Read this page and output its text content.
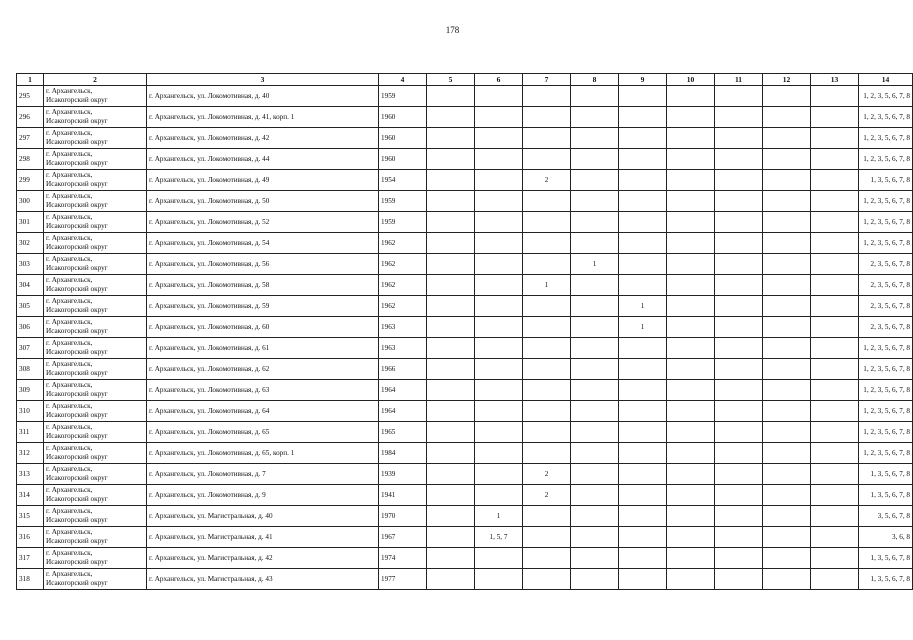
178
1	2	3	4	5	6	7	8	9	10	11	12	13	14
295	г. Архангельск,
Исакогорский округ	г. Архангельск, ул. Локомотивная, д. 40	1959										1, 2, 3, 5, 6, 7, 8
296	г. Архангельск,
Исакогорский округ	г. Архангельск, ул. Локомотивная, д. 41, корп. 1	1960										1, 2, 3, 5, 6, 7, 8
297	г. Архангельск,
Исакогорский округ	г. Архангельск, ул. Локомотивная, д. 42	1960										1, 2, 3, 5, 6, 7, 8
298	г. Архангельск,
Исакогорский округ	г. Архангельск, ул. Локомотивная, д. 44	1960										1, 2, 3, 5, 6, 7, 8
299	г. Архангельск,
Исакогорский округ	г. Архангельск, ул. Локомотивная, д. 49	1954			2							1, 3, 5, 6, 7, 8
300	г. Архангельск,
Исакогорский округ	г. Архангельск, ул. Локомотивная, д. 50	1959										1, 2, 3, 5, 6, 7, 8
301	г. Архангельск,
Исакогорский округ	г. Архангельск, ул. Локомотивная, д. 52	1959										1, 2, 3, 5, 6, 7, 8
302	г. Архангельск,
Исакогорский округ	г. Архангельск, ул. Локомотивная, д. 54	1962										1, 2, 3, 5, 6, 7, 8
303	г. Архангельск,
Исакогорский округ	г. Архангельск, ул. Локомотивная, д. 56	1962				1						2, 3, 5, 6, 7, 8
304	г. Архангельск,
Исакогорский округ	г. Архангельск, ул. Локомотивная, д. 58	1962			1							2, 3, 5, 6, 7, 8
305	г. Архангельск,
Исакогорский округ	г. Архангельск, ул. Локомотивная, д. 59	1962					1					2, 3, 5, 6, 7, 8
306	г. Архангельск,
Исакогорский округ	г. Архангельск, ул. Локомотивная, д. 60	1963					1					2, 3, 5, 6, 7, 8
307	г. Архангельск,
Исакогорский округ	г. Архангельск, ул. Локомотивная, д. 61	1963										1, 2, 3, 5, 6, 7, 8
308	г. Архангельск,
Исакогорский округ	г. Архангельск, ул. Локомотивная, д. 62	1966										1, 2, 3, 5, 6, 7, 8
309	г. Архангельск,
Исакогорский округ	г. Архангельск, ул. Локомотивная, д. 63	1964										1, 2, 3, 5, 6, 7, 8
310	г. Архангельск,
Исакогорский округ	г. Архангельск, ул. Локомотивная, д. 64	1964										1, 2, 3, 5, 6, 7, 8
311	г. Архангельск,
Исакогорский округ	г. Архангельск, ул. Локомотивная, д. 65	1965										1, 2, 3, 5, 6, 7, 8
312	г. Архангельск,
Исакогорский округ	г. Архангельск, ул. Локомотивная, д. 65, корп. 1	1984										1, 2, 3, 5, 6, 7, 8
313	г. Архангельск,
Исакогорский округ	г. Архангельск, ул. Локомотивная, д. 7	1939			2							1, 3, 5, 6, 7, 8
314	г. Архангельск,
Исакогорский округ	г. Архангельск, ул. Локомотивная, д. 9	1941			2							1, 3, 5, 6, 7, 8
315	г. Архангельск,
Исакогорский округ	г. Архангельск, ул. Магистральная, д. 40	1970		1								3, 5, 6, 7, 8
316	г. Архангельск,
Исакогорский округ	г. Архангельск, ул. Магистральная, д. 41	1967		1, 5, 7								3, 6, 8
317	г. Архангельск,
Исакогорский округ	г. Архангельск, ул. Магистральная, д. 42	1974										1, 3, 5, 6, 7, 8
318	г. Архангельск,
Исакогорский округ	г. Архангельск, ул. Магистральная, д. 43	1977										1, 3, 5, 6, 7, 8
